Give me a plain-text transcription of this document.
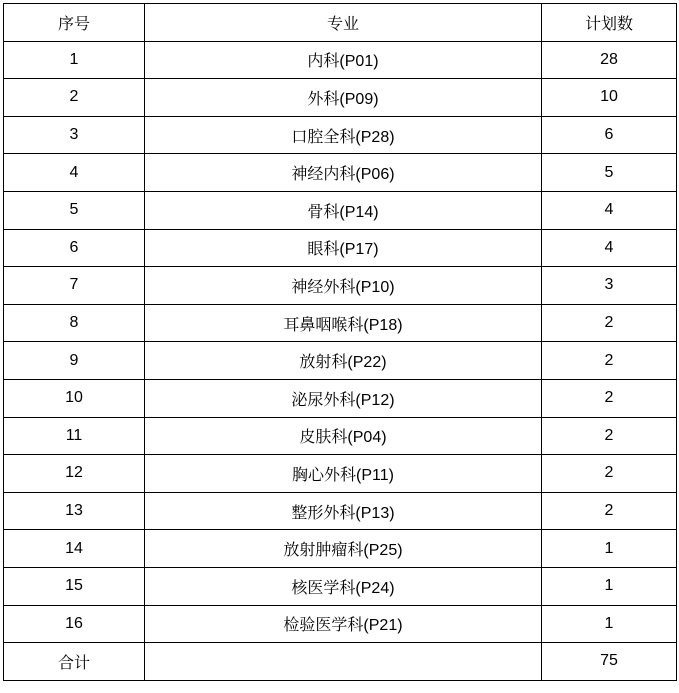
序号	专业	计划数
1	内科(P01)	28
2	外科(P09)	10
3	口腔全科(P28)	6
4	神经内科(P06)	5
5	骨科(P14)	4
6	眼科(P17)	4
7	神经外科(P10)	3
8	耳鼻咽喉科(P18)	2
9	放射科(P22)	2
10	泌尿外科(P12)	2
11	皮肤科(P04)	2
12	胸心外科(P11)	2
13	整形外科(P13)	2
14	放射肿瘤科(P25)	1
15	核医学科(P24)	1
16	检验医学科(P21)	1
合计		75
